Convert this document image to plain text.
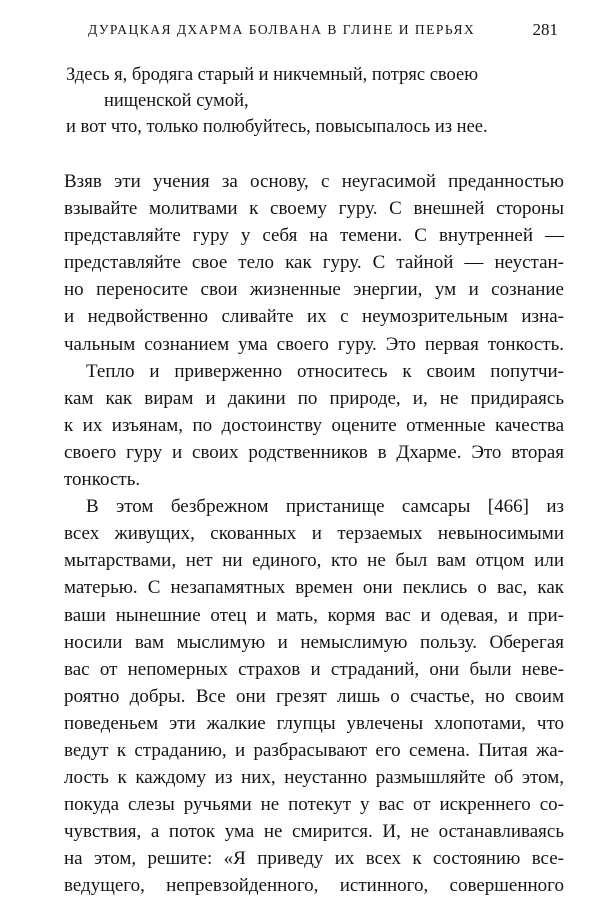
ДУРАЦКАЯ ДХАРМА БОЛВАНА В ГЛИНЕ И ПЕРЬЯХ	281
Здесь я, бродяга старый и никчемный, потряс своею
нищенской сумой,
и вот что, только полюбуйтесь, повысыпалось из нее.
Взяв эти учения за основу, с неугасимой преданностью
взывайте молитвами к своему гуру. С внешней стороны
представляйте гуру у себя на темени. С внутренней —
представляйте свое тело как гуру. С тайной — неустан-
но переносите свои жизненные энергии, ум и сознание
и недвойственно сливайте их с неумозрительным изна-
чальным сознанием ума своего гуру. Это первая тонкость.
Тепло и приверженно относитесь к своим попутчи-
кам как вирам и дакини по природе, и, не придираясь
к их изъянам, по достоинству оцените отменные качества
своего гуру и своих родственников в Дхарме. Это вторая
тонкость.
В этом безбрежном пристанище самсары [466] из
всех живущих, скованных и терзаемых невыносимыми
мытарствами, нет ни единого, кто не был вам отцом или
матерью. С незапамятных времен они пеклись о вас, как
ваши нынешние отец и мать, кормя вас и одевая, и при-
носили вам мыслимую и немыслимую пользу. Оберегая
вас от непомерных страхов и страданий, они были неве-
роятно добры. Все они грезят лишь о счастье, но своим
поведеньем эти жалкие глупцы увлечены хлопотами, что
ведут к страданию, и разбрасывают его семена. Питая жа-
лость к каждому из них, неустанно размышляйте об этом,
покуда слезы ручьями не потекут у вас от искреннего со-
чувствия, а поток ума не смирится. И, не останавливаясь
на этом, решите: «Я приведу их всех к состоянию все-
ведущего, непревзойденного, истинного, совершенного
